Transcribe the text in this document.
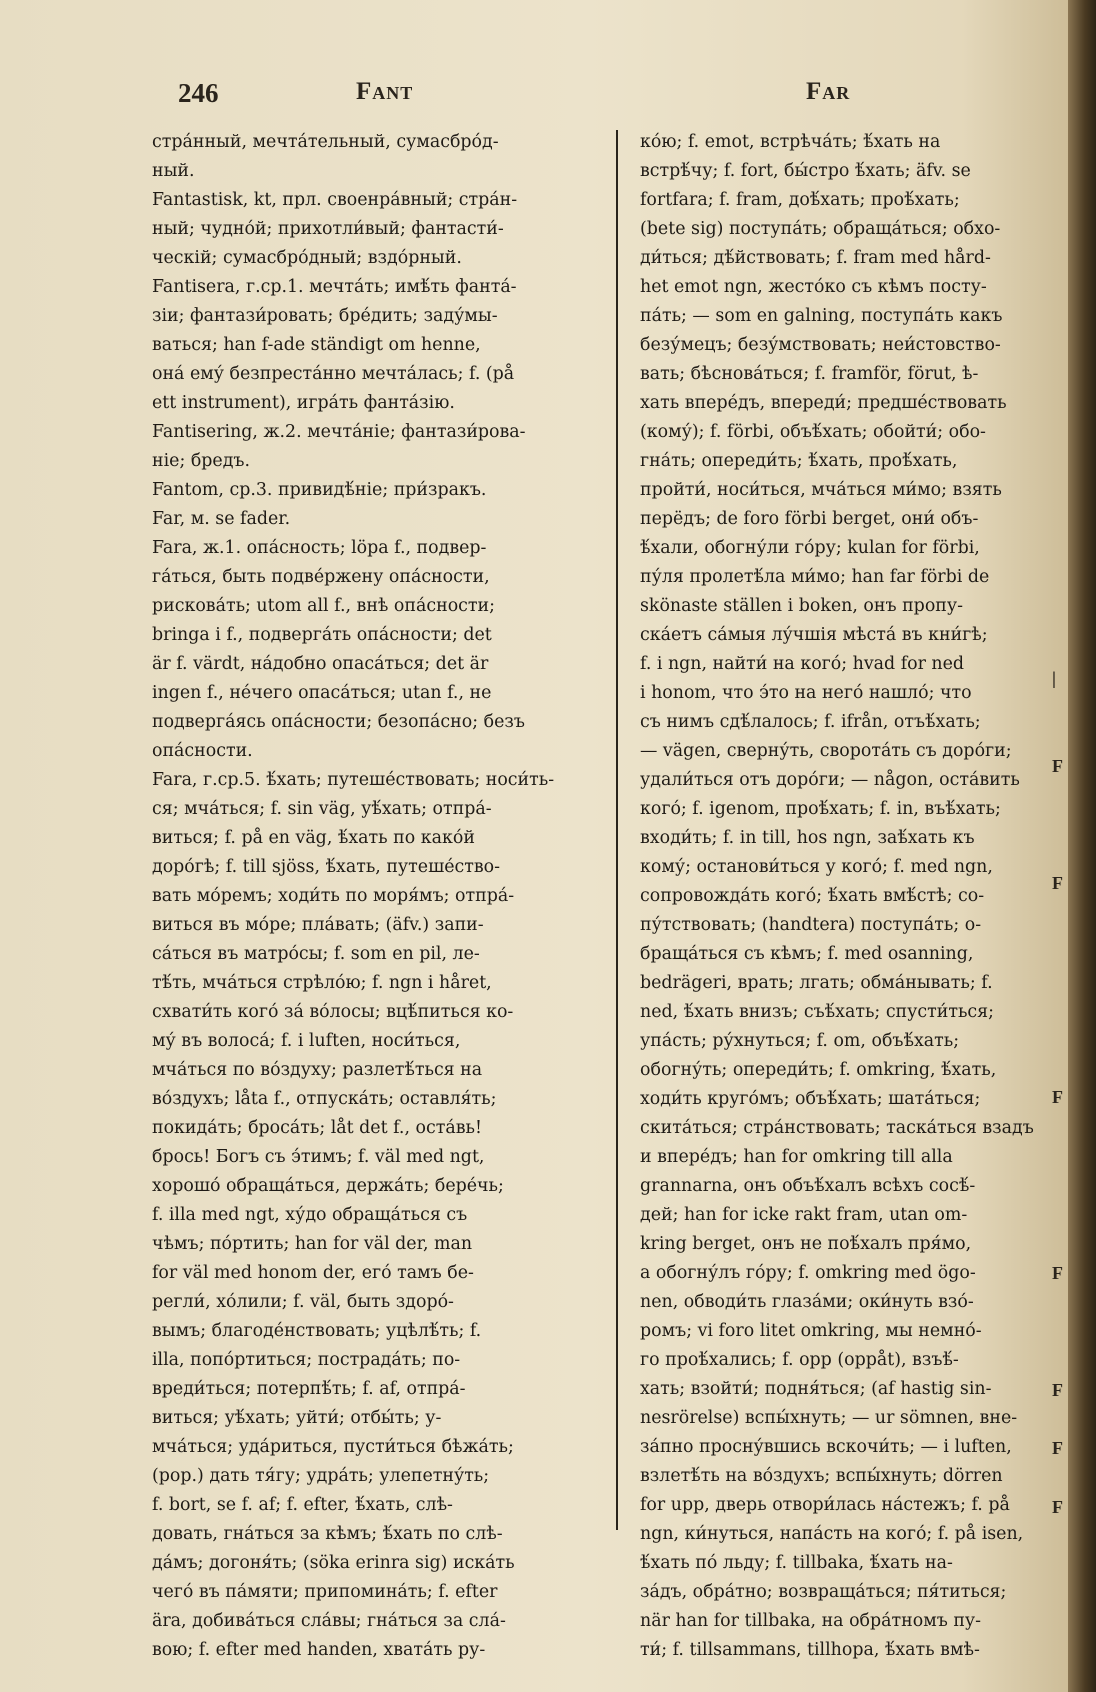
246	Fant	Far
стра́нный, мечта́тельный, сумасбро́д-
ный.
Fantastisk, kt, прл. своенра́вный; стра́н-
ный; чудно́й; прихотли́вый; фантасти́-
ческій; сумасбро́дный; вздо́рный.
Fantisera, г.ср.1. мечта́ть; имѣ́ть фанта́-
зіи; фантази́ровать; бре́дить; заду́мы-
ваться; han f-ade ständigt om henne,
она́ ему́ безпреста́нно мечта́лась; f. (på
ett instrument), игра́ть фанта́зію.
Fantisering, ж.2. мечта́ніе; фантази́рова-
ніе; бредъ.
Fantom, ср.3. привидѣ́ніе; при́зракъ.
Far, м. se fader.
Fara, ж.1. опа́сность; löpa f., подвер-
га́ться, быть подве́ржену опа́сности,
рискова́ть; utom all f., внѣ опа́сности;
bringa i f., подверга́ть опа́сности; det
är f. värdt, на́добно опаса́ться; det är
ingen f., не́чего опаса́ться; utan f., не
подверга́ясь опа́сности; безопа́сно; безъ
опа́сности.
Fara, г.ср.5. ѣ́хать; путеше́ствовать; носи́ть-
ся; мча́ться; f. sin väg, уѣ́хать; отпра́-
виться; f. på en väg, ѣ́хать по како́й
доро́гѣ; f. till sjöss, ѣ́хать, путеше́ство-
вать мо́ремъ; ходи́ть по моря́мъ; отпра́-
виться въ мо́ре; пла́вать; (äfv.) запи-
са́ться въ матро́сы; f. som en pil, ле-
тѣ́ть, мча́ться стрѣло́ю; f. ngn i håret,
схвати́ть кого́ за́ во́лосы; вцѣ́питься ко-
му́ въ волоса́; f. i luften, носи́ться,
мча́ться по во́здуху; разлетѣ́ться на
во́здухъ; låta f., отпуска́ть; оставля́ть;
покида́ть; броса́ть; låt det f., оста́вь!
брось! Богъ съ э́тимъ; f. väl med ngt,
хорошо́ обраща́ться, держа́ть; бере́чь;
f. illa med ngt, ху́до обраща́ться съ
чѣмъ; по́ртить; han for väl der, man
for väl med honom der, его́ тамъ бе-
регли́, хо́лили; f. väl, быть здоро́-
вымъ; благоде́нствовать; уцѣлѣ́ть; f.
illa, попо́ртиться; пострада́ть; по-
вреди́ться; потерпѣ́ть; f. af, отпра́-
виться; уѣ́хать; уйти́; отбы́ть; у-
мча́ться; уда́риться, пусти́ться бѣжа́ть;
(pop.) дать тя́гу; удра́ть; улепетну́ть;
f. bort, se f. af; f. efter, ѣ́хать, слѣ-
довать, гна́ться за кѣмъ; ѣ́хать по слѣ-
да́мъ; догоня́ть; (söka erinra sig) иска́ть
чего́ въ па́мяти; припомина́ть; f. efter
ära, добива́ться сла́вы; гна́ться за сла́-
вою; f. efter med handen, хвата́ть ру-
ко́ю; f. emot, встрѣча́ть; ѣ́хать на
встрѣ́чу; f. fort, бы́стро ѣ́хать; äfv. se
fortfara; f. fram, доѣ́хать; проѣ́хать;
(bete sig) поступа́ть; обраща́ться; обхо-
ди́ться; дѣ́йствовать; f. fram med hård-
het emot ngn, жесто́ко съ кѣмъ посту-
па́ть; — som en galning, поступа́ть какъ
безу́мецъ; безу́мствовать; неи́стовство-
вать; бѣснова́ться; f. framför, förut, ѣ-
хать впере́дъ, впереди́; предше́ствовать
(кому́); f. förbi, объѣ́хать; обойти́; обо-
гна́ть; опереди́ть; ѣ́хать, проѣ́хать,
пройти́, носи́ться, мча́ться ми́мо; взять
перёдъ; de foro förbi berget, они́ объ-
ѣ́хали, обогну́ли го́ру; kulan for förbi,
пу́ля пролетѣ́ла ми́мо; han far förbi de
skönaste ställen i boken, онъ пропу-
ска́етъ са́мыя лу́чшія мѣста́ въ кни́гѣ;
f. i ngn, найти́ на кого́; hvad for ned
i honom, что э́то на него́ нашло́; что
съ нимъ сдѣ́лалось; f. ifrån, отъѣ́хать;
— vägen, сверну́ть, сворота́ть съ доро́ги;
удали́ться отъ доро́ги; — någon, оста́вить
кого́; f. igenom, проѣ́хать; f. in, въѣ́хать;
входи́ть; f. in till, hos ngn, заѣ́хать къ
кому́; останови́ться у кого́; f. med ngn,
сопровожда́ть кого́; ѣ́хать вмѣ́стѣ; со-
пу́тствовать; (handtera) поступа́ть; о-
браща́ться съ кѣмъ; f. med osanning,
bedrägeri, врать; лгать; обма́нывать; f.
ned, ѣ́хать внизъ; съѣ́хать; спусти́ться;
упа́сть; ру́хнуться; f. om, объѣ́хать;
обогну́ть; опереди́ть; f. omkring, ѣ́хать,
ходи́ть круго́мъ; объѣ́хать; шата́ться;
скита́ться; стра́нствовать; таска́ться взадъ
и впере́дъ; han for omkring till alla
grannarna, онъ объѣ́халъ всѣхъ сосѣ́-
дей; han for icke rakt fram, utan om-
kring berget, онъ не поѣ́халъ пря́мо,
а обогну́лъ го́ру; f. omkring med ögo-
nen, обводи́ть глаза́ми; оки́нуть взо́-
ромъ; vi foro litet omkring, мы немно́-
го проѣ́хались; f. opp (oppåt), взъѣ́-
хать; взойти́; подня́ться; (af hastig sin-
nesrörelse) вспы́хнуть; — ur sömnen, вне-
за́пно просну́вшись вскочи́ть; — i luften,
взлетѣ́ть на во́здухъ; вспы́хнуть; dörren
for upp, дверь отвори́лась на́стежъ; f. på
ngn, ки́нуться, напа́сть на кого́; f. på isen,
ѣ́хать по́ льду; f. tillbaka, ѣ́хать на-
за́дъ, обра́тно; возвраща́ться; пя́титься;
när han for tillbaka, на обра́тномъ пу-
ти́; f. tillsammans, tillhopa, ѣ́хать вмѣ-
|
F
F
F
F
F
F
F
